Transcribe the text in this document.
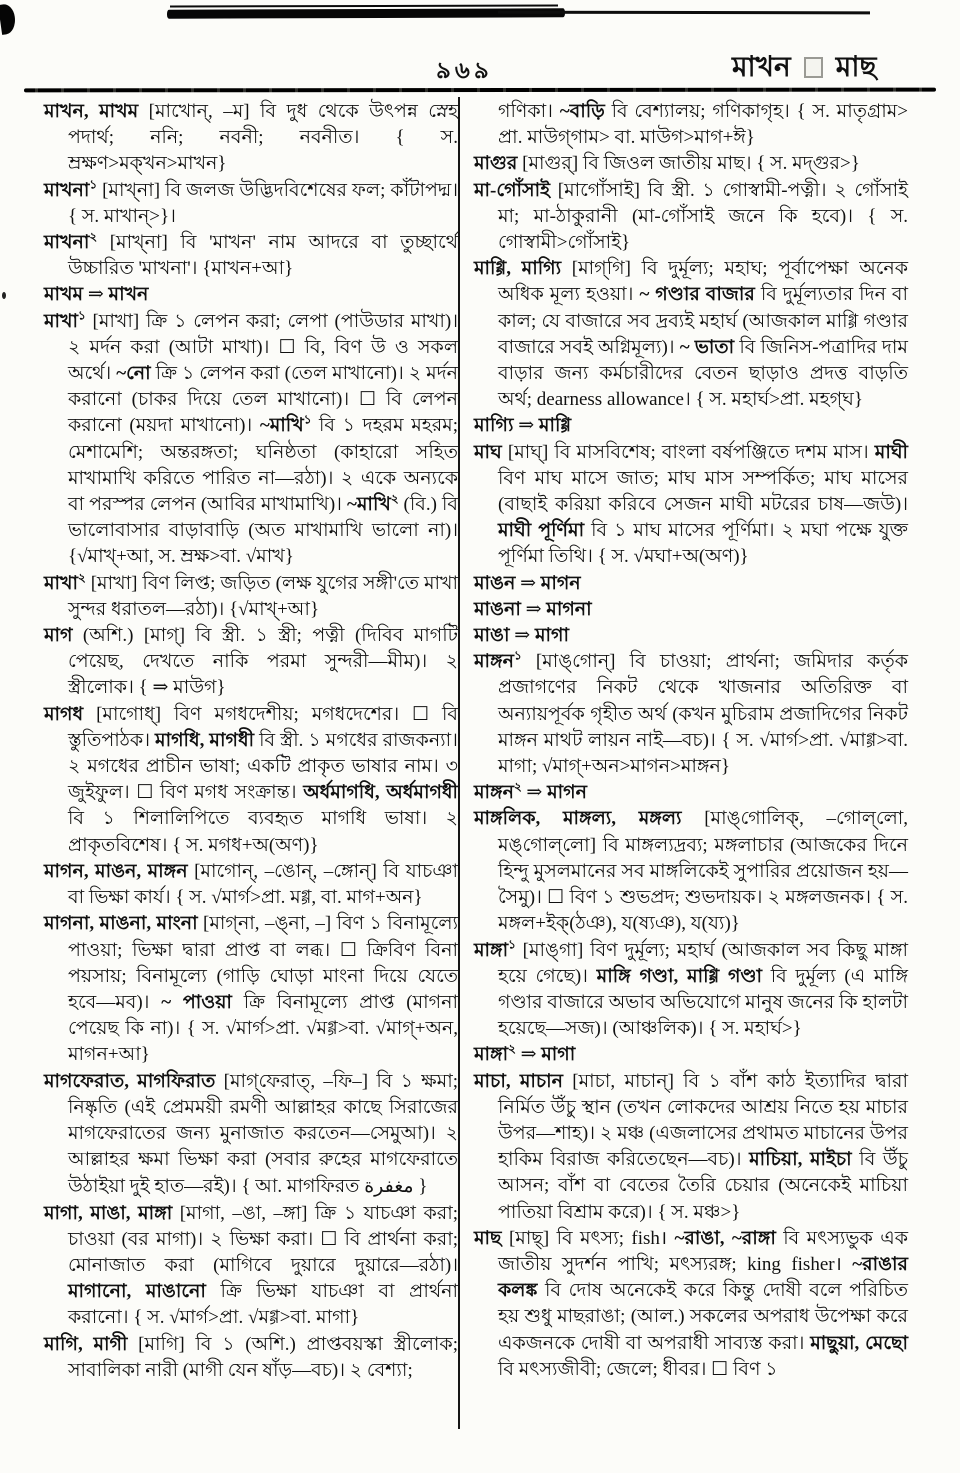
৯৬৯	মাখন মাছ

মাখন, মাখম [মাখোন্, –ম] বি দুধ থেকে উৎপন্ন স্নেহ পদার্থ; ননি; নবনী; নবনীত। { স. ম্রক্ষণ>মক্খন>মাখন}

মাখনা$^১$ [মাখ্‌না] বি জলজ উদ্ভিদবিশেষের ফল; কাঁটাপদ্ম। { স. মাখান্‌>}।

মাখনা$^২$ [মাখ্‌না] বি 'মাখন' নাম আদরে বা তুচ্ছার্থে উচ্চারিত 'মাখনা'। {মাখন+আ}

মাখম ⇒ মাখন

মাখা$^১$ [মাখা] ক্রি ১ লেপন করা; লেপা (পাউডার মাখা)। ২ মর্দন করা (আটা মাখা)। ☐ বি, বিণ উ ও সকল অর্থে। ~নো ক্রি ১ লেপন করা (তেল মাখানো)। ২ মর্দন করানো (চাকর দিয়ে তেল মাখানো)। ☐ বি লেপন করানো (ময়দা মাখানো)। ~মাখি$^১$ বি ১ দহরম মহরম; মেশামেশি; অন্তরঙ্গতা; ঘনিষ্ঠতা (কাহারো সহিত মাখামাখি করিতে পারিত না—রঠা)। ২ একে অন্যকে বা পরস্পর লেপন (আবির মাখামাখি)। ~মাখি$^২$ (বি.) বি ভালোবাসার বাড়াবাড়ি (অত মাখামাখি ভালো না)। {√মাখ্‌+আ, স. ম্রক্ষ>বা. √মাখ}

মাখা$^২$ [মাখা] বিণ লিপ্ত; জড়িত (লক্ষ যুগের সঙ্গী'তে মাখা সুন্দর ধরাতল—রঠা)। {√মাখ্‌+আ}

মাগ (অশি.) [মাগ্‌] বি স্ত্রী. ১ স্ত্রী; পত্নী (দিবিব মাগটি পেয়েছ, দেখতে নাকি পরমা সুন্দরী—মীম)। ২ স্ত্রীলোক। { ⇒ মাউগ}

মাগধ [মাগোধ্‌] বিণ মগধদেশীয়; মগধদেশের। ☐ বি স্তুতিপাঠক। মাগধি, মাগধী বি স্ত্রী. ১ মগধের রাজকন্যা। ২ মগধের প্রাচীন ভাষা; একটি প্রাকৃত ভাষার নাম। ৩ জুইফুল। ☐ বিণ মগধ সংক্রান্ত। অর্ধমাগধি, অর্ধমাগধী বি ১ শিলালিপিতে ব্যবহৃত মাগধি ভাষা। ২ প্রাকৃতবিশেষ। { স. মগধ+অ(অণ)}

মাগন, মাঙন, মাঙ্গন [মাগোন্‌, –ঙোন্‌, –ঙ্গোন্‌] বি যাচঞা বা ভিক্ষা কার্য। { স. √মার্গ>প্রা. মগ্গ, বা. মাগ+অন}

মাগনা, মাঙনা, মাংনা [মাগ্‌না, –ঙ্‌না, –] বিণ ১ বিনামূল্যে পাওয়া; ভিক্ষা দ্বারা প্রাপ্ত বা লব্ধ। ☐ ক্রিবিণ বিনা পয়সায়; বিনামূল্যে (গাড়ি ঘোড়া মাংনা দিয়ে যেতে হবে—মব)। ~ পাওয়া ক্রি বিনামূল্যে প্রাপ্ত (মাগনা পেয়েছ কি না)। { স. √মার্গ>প্রা. √মগ্গ>বা. √মাগ্‌+অন, মাগন+আ}

মাগফেরাত, মাগফিরাত [মাগ্‌ফেরাত্‌, –ফি–] বি ১ ক্ষমা; নিষ্কৃতি (এই প্রেমময়ী রমণী আল্লাহর কাছে সিরাজের মাগফেরাতের জন্য মুনাজাত করতেন—সেমুআ)। ২ আল্লাহর ক্ষমা ভিক্ষা করা (সবার রুহের মাগফেরাতে উঠাইয়া দুই হাত—রই)। { আ. মাগফিরত مغفرة }

মাগা, মাঙা, মাঙ্গা [মাগা, –ঙা, –ঙ্গা] ক্রি ১ যাচঞা করা; চাওয়া (বর মাগা)। ২ ভিক্ষা করা। ☐ বি প্রার্থনা করা; মোনাজাত করা (মাগিবে দুয়ারে দুয়ারে—রঠা)। মাগানো, মাঙানো ক্রি ভিক্ষা যাচঞা বা প্রার্থনা করানো। { স. √মার্গ>প্রা. √মগ্গ>বা. মাগা}

মাগি, মাগী [মাগি] বি ১ (অশি.) প্রাপ্তবয়স্কা স্ত্রীলোক; সাবালিকা নারী (মাগী যেন ষাঁড়—বচ)। ২ বেশ্যা;

গণিকা। ~বাড়ি বি বেশ্যালয়; গণিকাগৃহ। { স. মাতৃগ্রাম> প্রা. মাউগ্‌গাম> বা. মাউগ>মাগ+ঈ}

মাগুর [মাগুর্‌] বি জিওল জাতীয় মাছ। { স. মদ্‌গুর>}

মা-গোঁসাই [মাগোঁসাই] বি স্ত্রী. ১ গোস্বামী-পত্নী। ২ গোঁসাই মা; মা-ঠাকুরানী (মা-গোঁসাই জনে কি হবে)। { স. গোস্বামী>গোঁসাই}

মাগ্গি, মাগ্যি [মাগ্‌গি] বি দুর্মূল্য; মহাঘ; পূর্বাপেক্ষা অনেক অধিক মূল্য হওয়া। ~ গণ্ডার বাজার বি দুর্মূল্যতার দিন বা কাল; যে বাজারে সব দ্রব্যই মহার্ঘ (আজকাল মাগ্গি গণ্ডার বাজারে সবই অগ্নিমূল্য)। ~ ভাতা বি জিনিস-পত্রাদির দাম বাড়ার জন্য কর্মচারীদের বেতন ছাড়াও প্রদত্ত বাড়তি অর্থ; dearness allowance। { স. মহার্ঘ>প্রা. মহগ্ঘ}

মাগ্যি ⇒ মাগ্গি

মাঘ [মাঘ্‌] বি মাসবিশেষ; বাংলা বর্ষপঞ্জিতে দশম মাস। মাঘী বিণ মাঘ মাসে জাত; মাঘ মাস সম্পর্কিত; মাঘ মাসের (বাছাই করিয়া করিবে সেজন মাঘী মটরের চাষ—জউ)। মাঘী পূর্ণিমা বি ১ মাঘ মাসের পূর্ণিমা। ২ মঘা পক্ষে যুক্ত পূর্ণিমা তিথি। { স. √মঘা+অ(অণ)}

মাঙন ⇒ মাগন

মাঙনা ⇒ মাগনা

মাঙা ⇒ মাগা

মাঙ্গন$^১$ [মাঙ্‌গোন্‌] বি চাওয়া; প্রার্থনা; জমিদার কর্তৃক প্রজাগণের নিকট থেকে খাজনার অতিরিক্ত বা অন্যায়পূর্বক গৃহীত অর্থ (কখন মুচিরাম প্রজাদিগের নিকট মাঙ্গন মাথট লায়ন নাই—বচ)। { স. √মার্গ>প্রা. √মাগ্গ>বা. মাগা; √মাগ্‌+অন>মাগন>মাঙ্গন}

মাঙ্গন$^২$ ⇒ মাগন

মাঙ্গলিক, মাঙ্গল্য, মঙ্গল্য [মাঙ্‌গোলিক্‌, –গোল্‌লো, মঙ্‌গোল্‌লো] বি মাঙ্গল্যদ্রব্য; মঙ্গলাচার (আজকের দিনে হিন্দু মুসলমানের সব মাঙ্গলিকেই সুপারির প্রয়োজন হয়—সৈমু)। ☐ বিণ ১ শুভপ্রদ; শুভদায়ক। ২ মঙ্গলজনক। { স. মঙ্গল+ইক্‌(ঠঞ), য(ষ্যঞ), য(য্য)}

মাঙ্গা$^১$ [মাঙ্‌গা] বিণ দুর্মূল্য; মহার্ঘ (আজকাল সব কিছু মাঙ্গা হয়ে গেছে)। মাঙ্গি গণ্ডা, মাগ্গি গণ্ডা বি দুর্মূল্য (এ মাঙ্গি গণ্ডার বাজারে অভাব অভিযোগে মানুষ জনের কি হালটা হয়েছে—সজ)। (আঞ্চলিক)। { স. মহার্ঘ>}

মাঙ্গা$^২$ ⇒ মাগা

মাচা, মাচান [মাচা, মাচান্‌] বি ১ বাঁশ কাঠ ইত্যাদির দ্বারা নির্মিত উঁচু স্থান (তখন লোকদের আশ্রয় নিতে হয় মাচার উপর—শাহ)। ২ মঞ্চ (এজলাসের প্রথামত মাচানের উপর হাকিম বিরাজ করিতেছেন—বচ)। মাচিয়া, মাইচা বি উঁচু আসন; বাঁশ বা বেতের তৈরি চেয়ার (অনেকেই মাচিয়া পাতিয়া বিশ্রাম করে)। { স. মঞ্চ>}

মাছ [মাছ্‌] বি মৎস্য; fish। ~রাঙা, ~রাঙ্গা বি মৎস্যভুক এক জাতীয় সুদর্শন পাখি; মৎস্যরঙ্গ; king fisher। ~রাঙার কলঙ্ক বি দোষ অনেকেই করে কিন্তু দোষী বলে পরিচিত হয় শুধু মাছরাঙা; (আল.) সকলের অপরাধ উপেক্ষা করে একজনকে দোষী বা অপরাধী সাব্যস্ত করা। মাছুয়া, মেছো বি মৎস্যজীবী; জেলে; ধীবর। ☐ বিণ ১
